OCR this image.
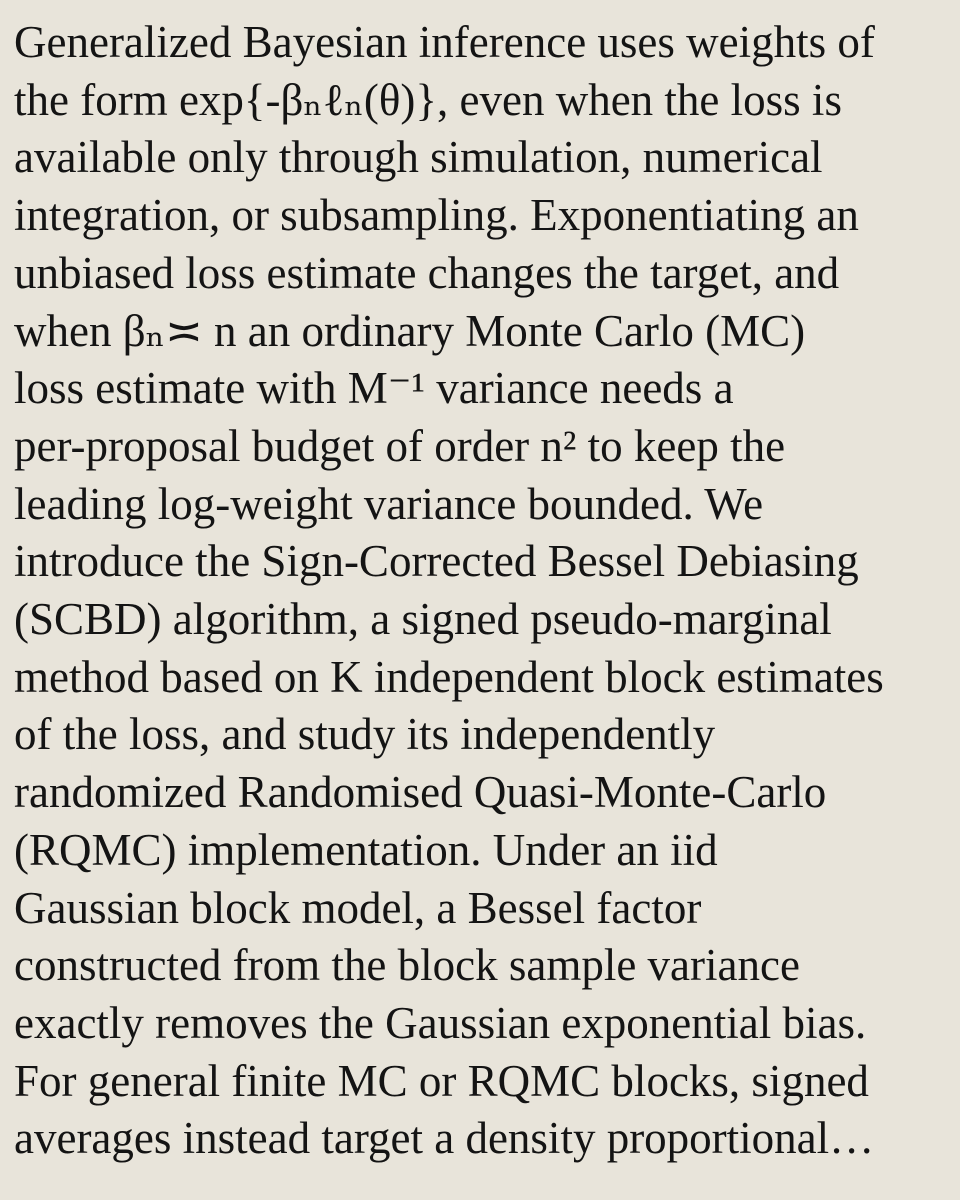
Generalized Bayesian inference uses weights of
the form exp{-βₙℓₙ(θ)}, even when the loss is
available only through simulation, numerical
integration, or subsampling. Exponentiating an
unbiased loss estimate changes the target, and
when βₙ≍ n an ordinary Monte Carlo (MC)
loss estimate with M⁻¹ variance needs a
per-proposal budget of order n² to keep the
leading log-weight variance bounded. We
introduce the Sign-Corrected Bessel Debiasing
(SCBD) algorithm, a signed pseudo-marginal
method based on K independent block estimates
of the loss, and study its independently
randomized Randomised Quasi-Monte-Carlo
(RQMC) implementation. Under an iid
Gaussian block model, a Bessel factor
constructed from the block sample variance
exactly removes the Gaussian exponential bias.
For general finite MC or RQMC blocks, signed
averages instead target a density proportional…
